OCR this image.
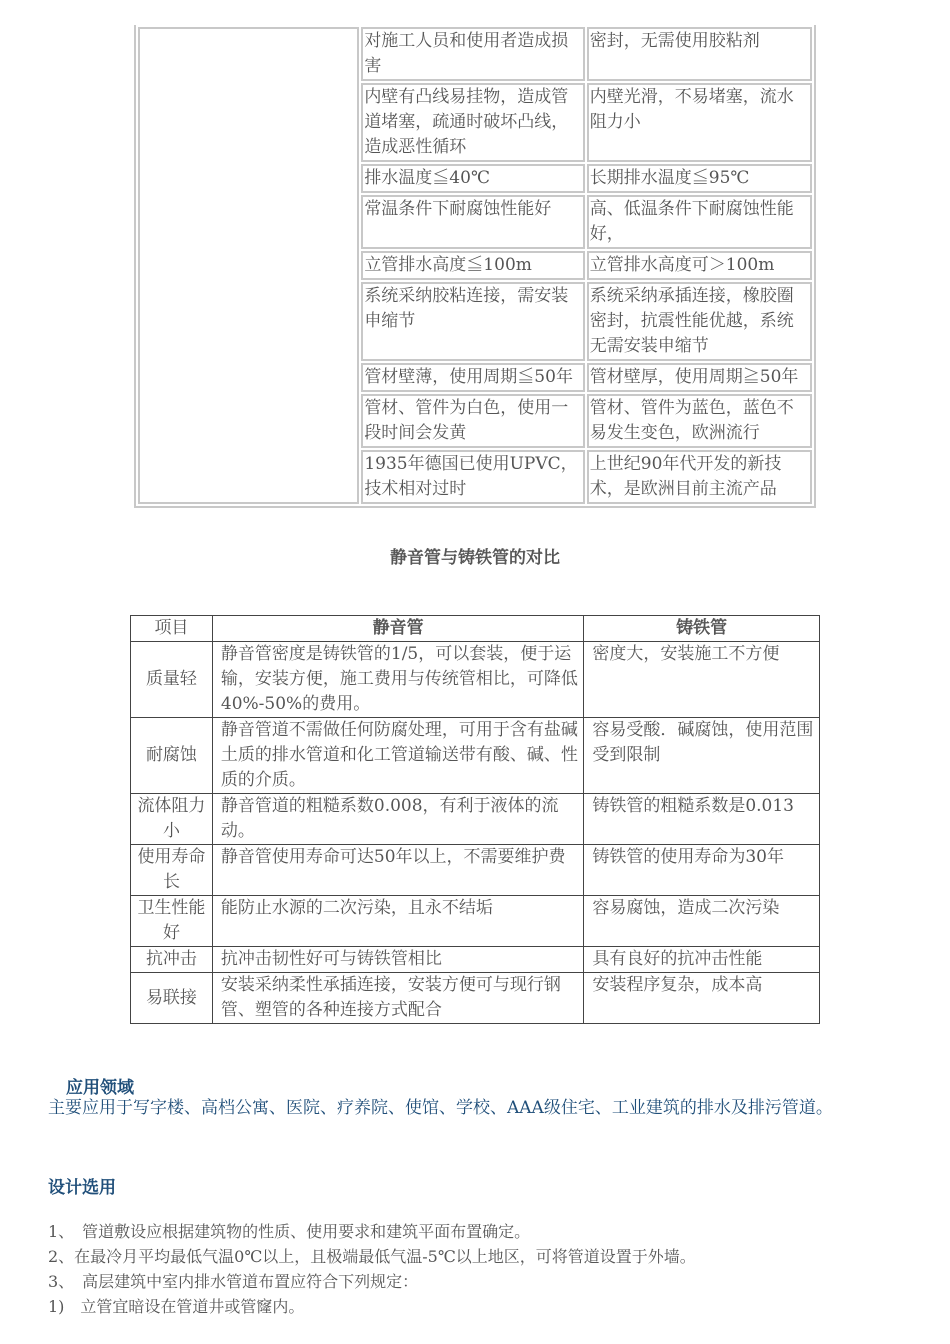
	对施工人员和使用者造成损害	密封，无需使用胶粘剂
	内壁有凸线易挂物，造成管道堵塞，疏通时破坏凸线，造成恶性循环	内壁光滑，不易堵塞，流水阻力小
	排水温度≦40℃	长期排水温度≦95℃
	常温条件下耐腐蚀性能好	高、低温条件下耐腐蚀性能好，
	立管排水高度≦100m	立管排水高度可＞100m
	系统采纳胶粘连接，需安装申缩节	系统采纳承插连接，橡胶圈密封，抗震性能优越，系统无需安装申缩节
	管材壁薄，使用周期≦50年	管材壁厚，使用周期≧50年
	管材、管件为白色，使用一段时间会发黄	管材、管件为蓝色，蓝色不易发生变色，欧洲流行
	1935年德国已使用UPVC，技术相对过时	上世纪90年代开发的新技术，是欧洲目前主流产品
静音管与铸铁管的对比
项目	静音管	铸铁管
质量轻	静音管密度是铸铁管的1/5，可以套装，便于运输，安装方便，施工费用与传统管相比，可降低40%-50%的费用。	密度大，安装施工不方便
耐腐蚀	静音管道不需做任何防腐处理，可用于含有盐碱土质的排水管道和化工管道输送带有酸、碱、性质的介质。	容易受酸．碱腐蚀，使用范围受到限制
流体阻力小	静音管道的粗糙系数0.008，有利于液体的流动。	铸铁管的粗糙系数是0.013
使用寿命长	静音管使用寿命可达50年以上，不需要维护费	铸铁管的使用寿命为30年
卫生性能好	能防止水源的二次污染，且永不结垢	容易腐蚀，造成二次污染
抗冲击	抗冲击韧性好可与铸铁管相比	具有良好的抗冲击性能
易联接	安装采纳柔性承插连接，安装方便可与现行钢管、塑管的各种连接方式配合	安装程序复杂，成本高
应用领域
主要应用于写字楼、高档公寓、医院、疗养院、使馆、学校、AAA级住宅、工业建筑的排水及排污管道。
设计选用
1、　管道敷设应根据建筑物的性质、使用要求和建筑平面布置确定。
2、在最冷月平均最低气温0℃以上，且极端最低气温-5℃以上地区，可将管道设置于外墙。
3、　高层建筑中室内排水管道布置应符合下列规定：
1)　立管宜暗设在管道井或管窿内。
